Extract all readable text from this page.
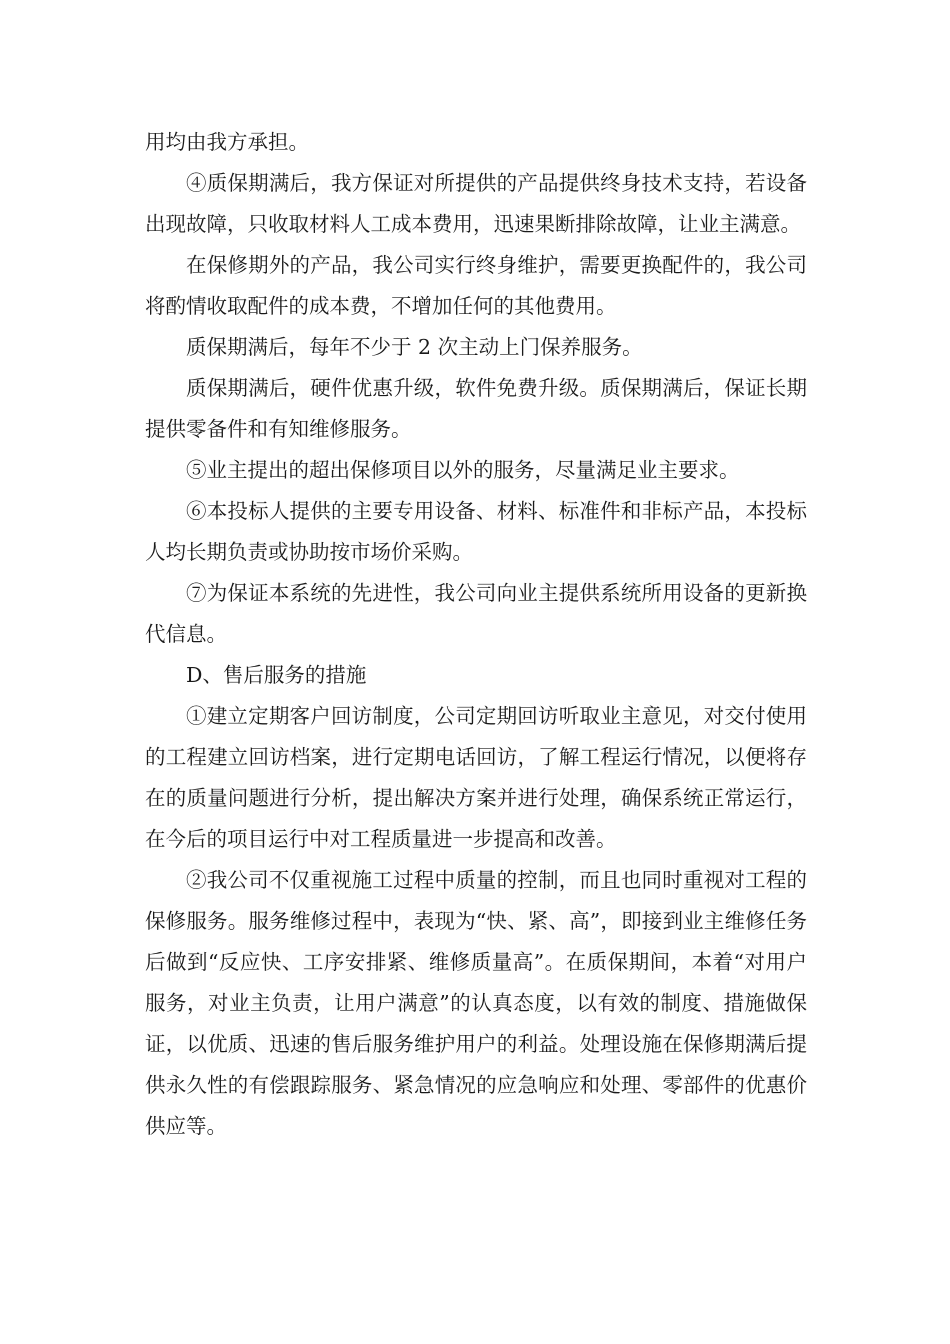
用均由我方承担。

④质保期满后，我方保证对所提供的产品提供终身技术支持，若设备出现故障，只收取材料人工成本费用，迅速果断排除故障，让业主满意。

在保修期外的产品，我公司实行终身维护，需要更换配件的，我公司将酌情收取配件的成本费，不增加任何的其他费用。

质保期满后，每年不少于 2 次主动上门保养服务。

质保期满后，硬件优惠升级，软件免费升级。质保期满后，保证长期提供零备件和有知维修服务。

⑤业主提出的超出保修项目以外的服务，尽量满足业主要求。

⑥本投标人提供的主要专用设备、材料、标准件和非标产品，本投标人均长期负责或协助按市场价采购。

⑦为保证本系统的先进性，我公司向业主提供系统所用设备的更新换代信息。

D、售后服务的措施

①建立定期客户回访制度，公司定期回访听取业主意见，对交付使用的工程建立回访档案，进行定期电话回访，了解工程运行情况，以便将存在的质量问题进行分析，提出解决方案并进行处理，确保系统正常运行，在今后的项目运行中对工程质量进一步提高和改善。

②我公司不仅重视施工过程中质量的控制，而且也同时重视对工程的保修服务。服务维修过程中，表现为“快、紧、高”，即接到业主维修任务后做到“反应快、工序安排紧、维修质量高”。在质保期间，本着“对用户服务，对业主负责，让用户满意”的认真态度，以有效的制度、措施做保证，以优质、迅速的售后服务维护用户的利益。处理设施在保修期满后提供永久性的有偿跟踪服务、紧急情况的应急响应和处理、零部件的优惠价供应等。
